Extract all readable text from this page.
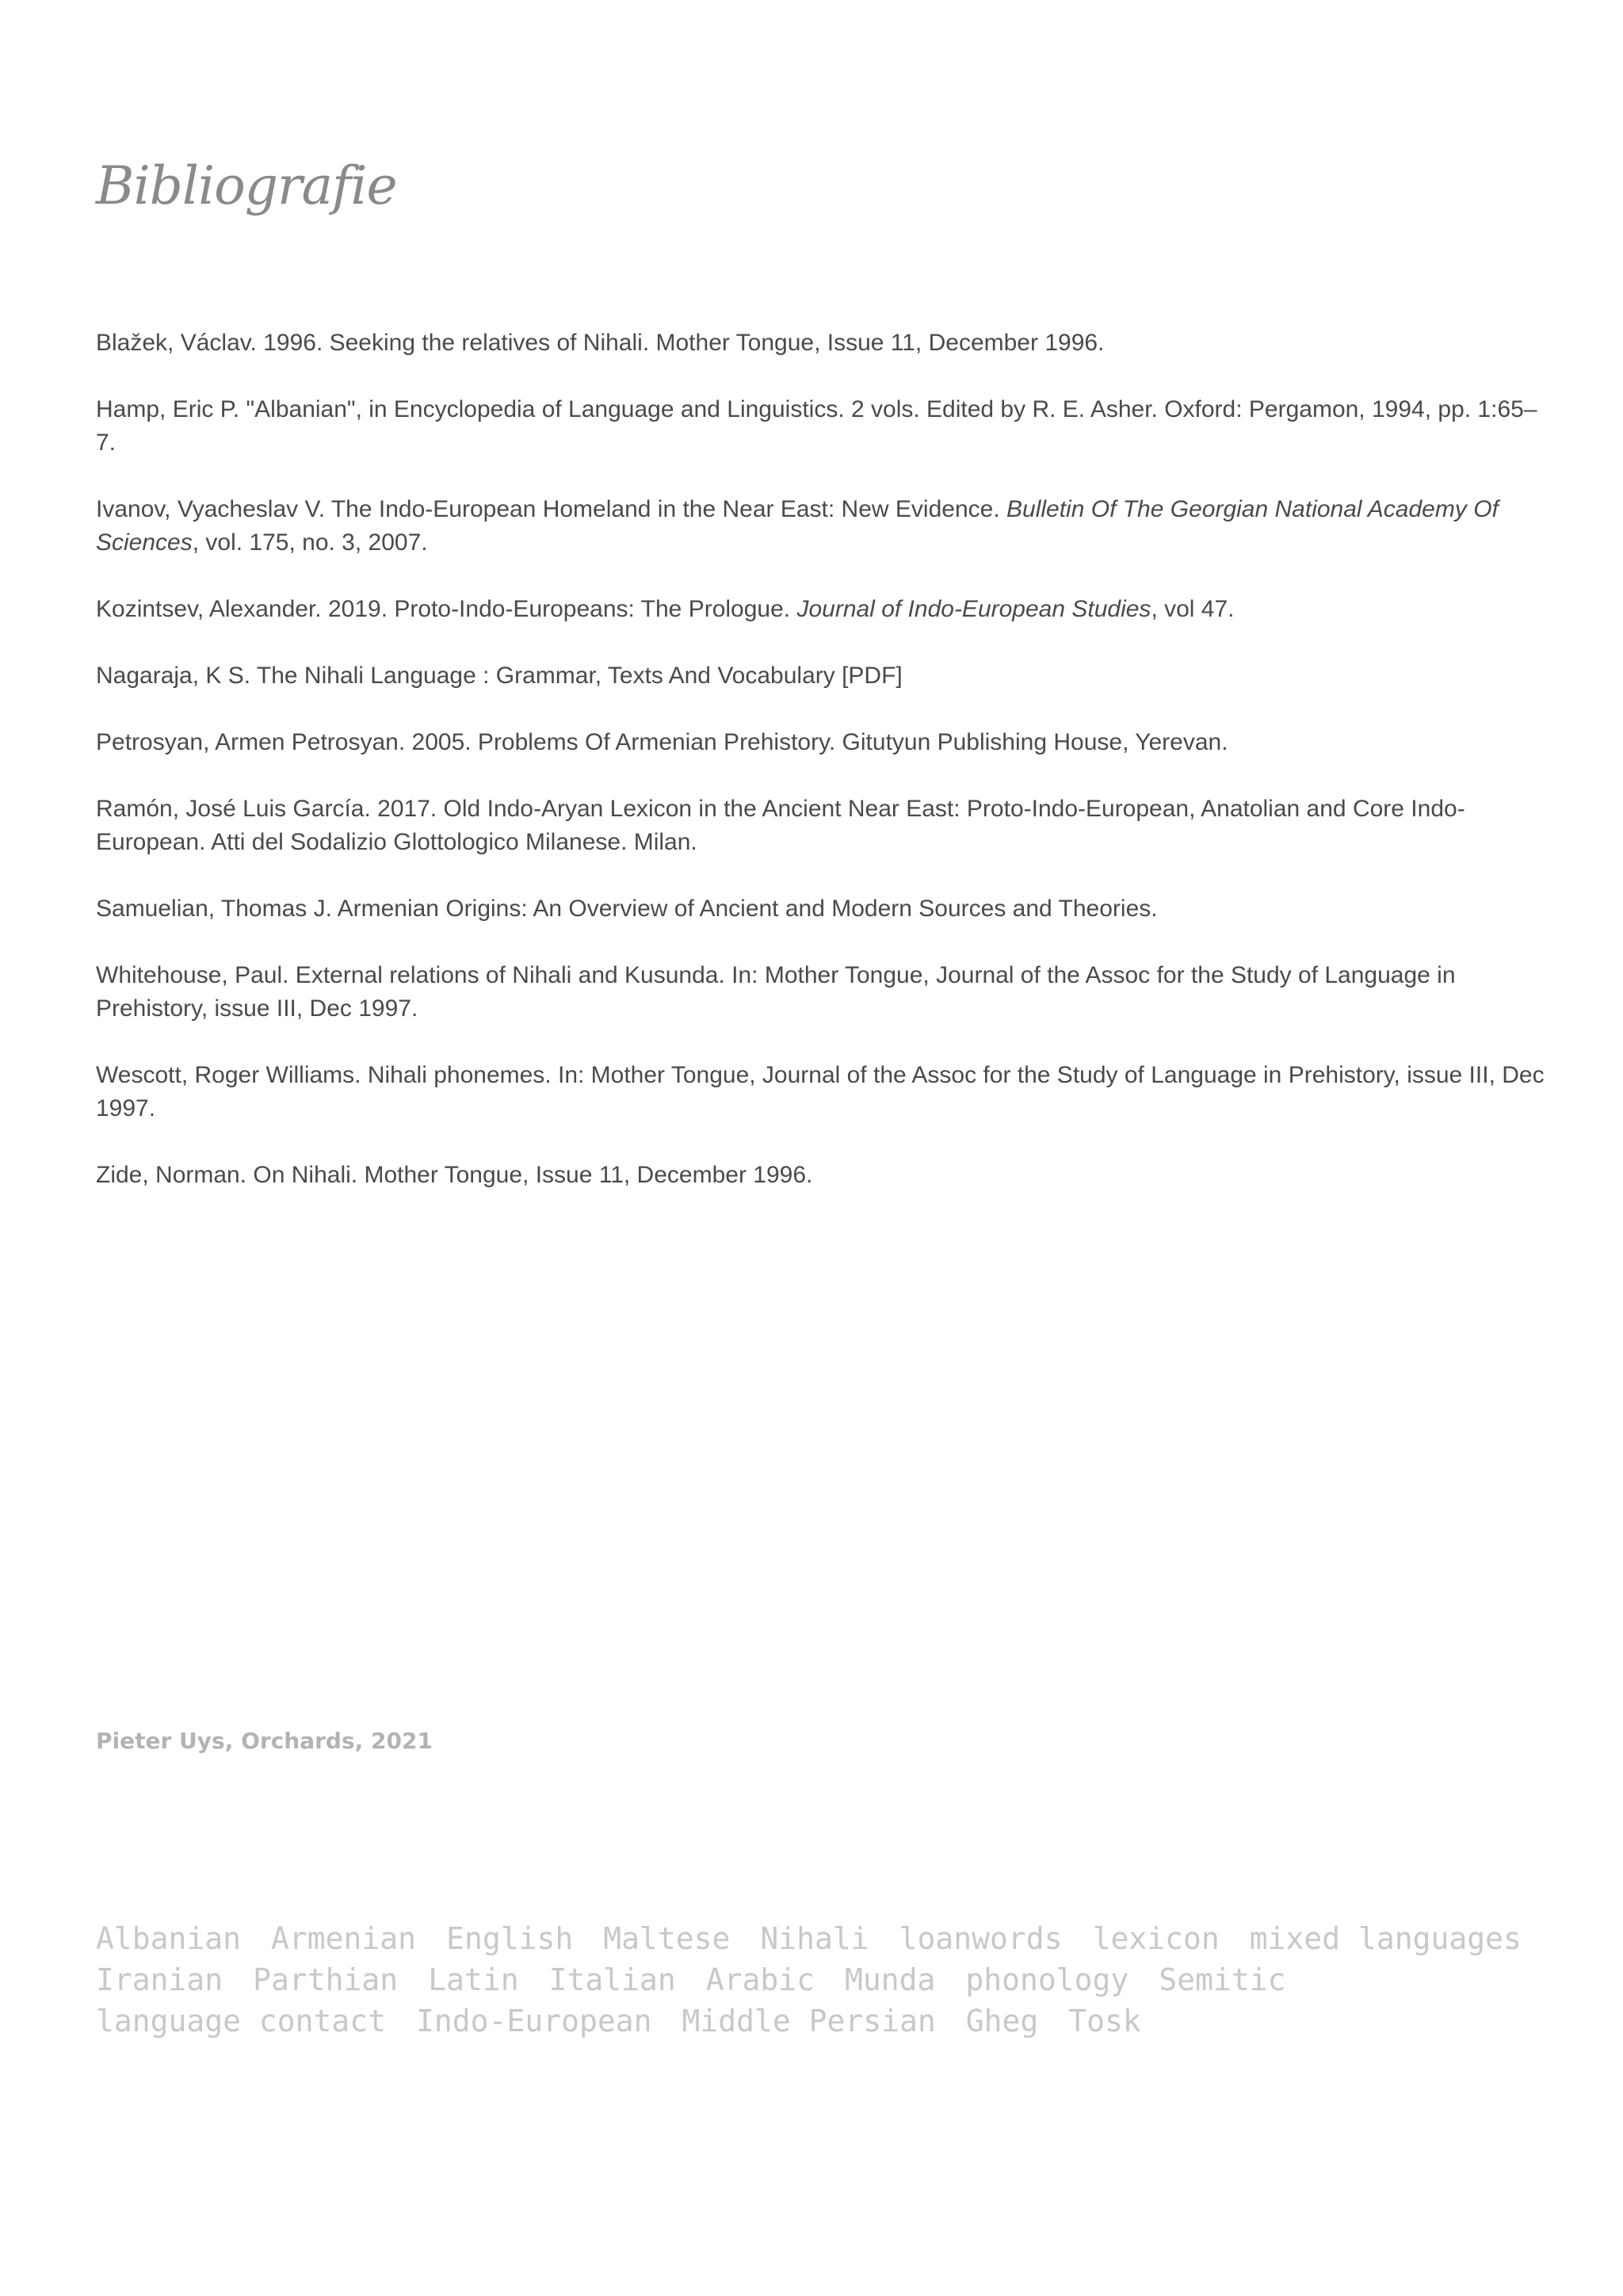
Bibliografie
Blažek, Václav. 1996. Seeking the relatives of Nihali. Mother Tongue, Issue 11, December 1996.
Hamp, Eric P. "Albanian", in Encyclopedia of Language and Linguistics. 2 vols. Edited by R. E. Asher. Oxford: Pergamon, 1994, pp. 1:65–7.
Ivanov, Vyacheslav V. The Indo-European Homeland in the Near East: New Evidence. Bulletin Of The Georgian National Academy Of Sciences, vol. 175, no. 3, 2007.
Kozintsev, Alexander. 2019. Proto-Indo-Europeans: The Prologue. Journal of Indo-European Studies, vol 47.
Nagaraja, K S. The Nihali Language : Grammar, Texts And Vocabulary [PDF]
Petrosyan, Armen Petrosyan. 2005. Problems Of Armenian Prehistory. Gitutyun Publishing House, Yerevan.
Ramón, José Luis García. 2017. Old Indo-Aryan Lexicon in the Ancient Near East: Proto-Indo-European, Anatolian and Core Indo-European. Atti del Sodalizio Glottologico Milanese. Milan.
Samuelian, Thomas J. Armenian Origins: An Overview of Ancient and Modern Sources and Theories.
Whitehouse, Paul. External relations of Nihali and Kusunda. In: Mother Tongue, Journal of the Assoc for the Study of Language in Prehistory, issue III, Dec 1997.
Wescott, Roger Williams. Nihali phonemes. In: Mother Tongue, Journal of the Assoc for the Study of Language in Prehistory, issue III, Dec 1997.
Zide, Norman. On Nihali. Mother Tongue, Issue 11, December 1996.

Pieter Uys, Orchards, 2021

Albanian Armenian English Maltese Nihali loanwords lexicon mixed languagesIranian Parthian Latin Italian Arabic Munda phonology Semiticlanguage contact Indo-European Middle Persian Gheg Tosk
